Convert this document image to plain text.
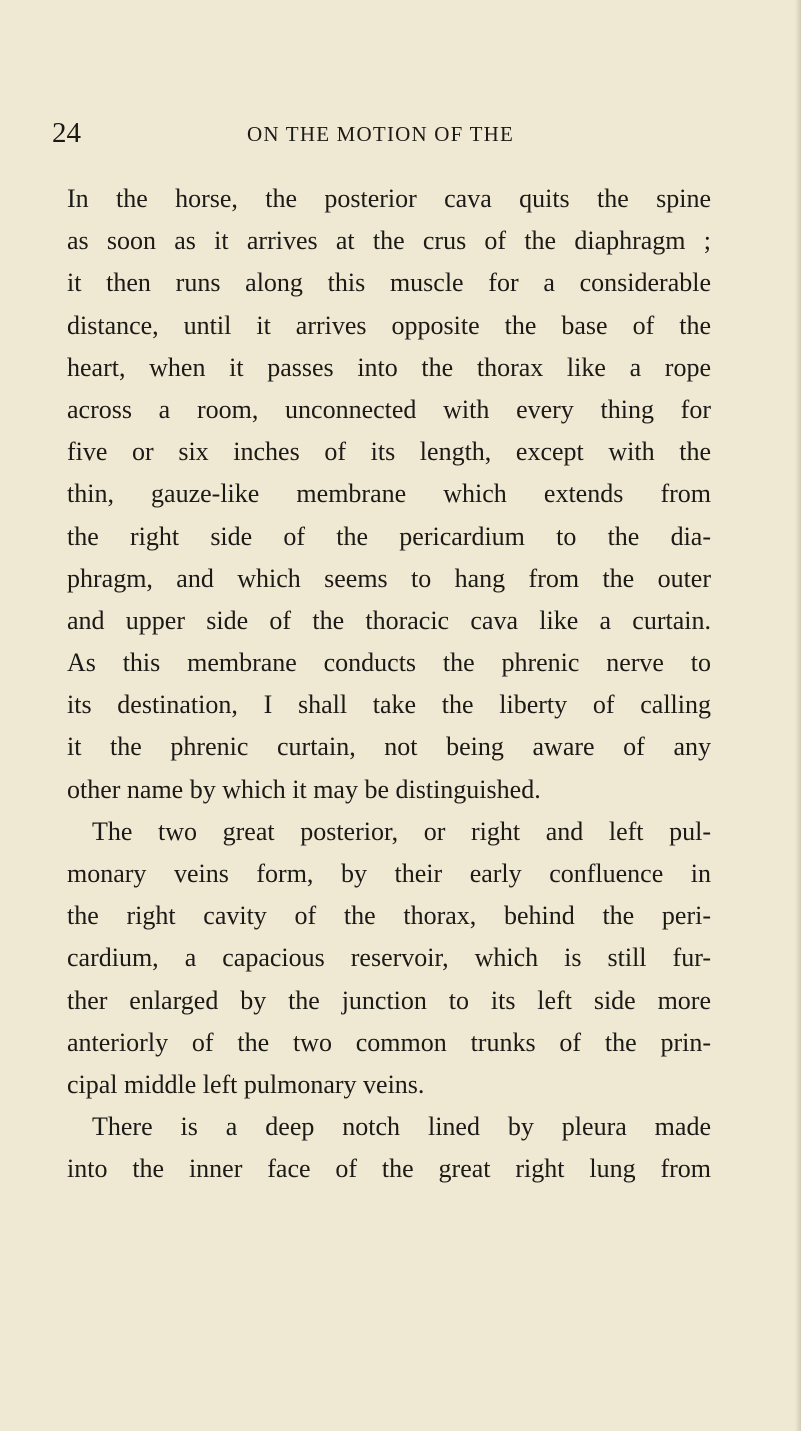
24	ON THE MOTION OF THE
In the horse, the posterior cava quits the spine
as soon as it arrives at the crus of the diaphragm ;
it then runs along this muscle for a considerable
distance, until it arrives opposite the base of the
heart, when it passes into the thorax like a rope
across a room, unconnected with every thing for
five or six inches of its length, except with the
thin, gauze-like membrane which extends from
the right side of the pericardium to the dia-
phragm, and which seems to hang from the outer
and upper side of the thoracic cava like a curtain.
As this membrane conducts the phrenic nerve to
its destination, I shall take the liberty of calling
it the phrenic curtain, not being aware of any
other name by which it may be distinguished.
The two great posterior, or right and left pul-
monary veins form, by their early confluence in
the right cavity of the thorax, behind the peri-
cardium, a capacious reservoir, which is still fur-
ther enlarged by the junction to its left side more
anteriorly of the two common trunks of the prin-
cipal middle left pulmonary veins.
There is a deep notch lined by pleura made
into the inner face of the great right lung from
